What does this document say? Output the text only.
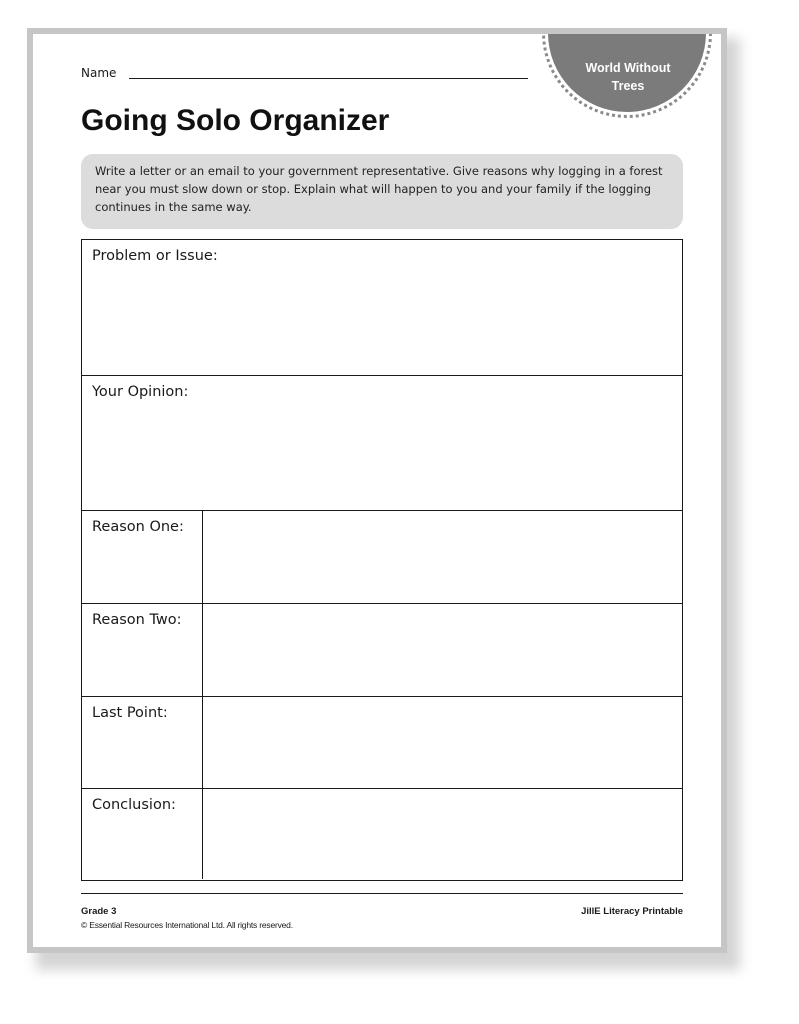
Name	World Without
Trees

Going Solo Organizer

Write a letter or an email to your government representative. Give reasons why logging in a forest near you must slow down or stop. Explain what will happen to you and your family if the logging continues in the same way.

Problem or Issue:

Your Opinion:

Reason One:

Reason Two:

Last Point:

Conclusion:

Grade 3

© Essential Resources International Ltd. All rights reserved.

JillE Literacy Printable
